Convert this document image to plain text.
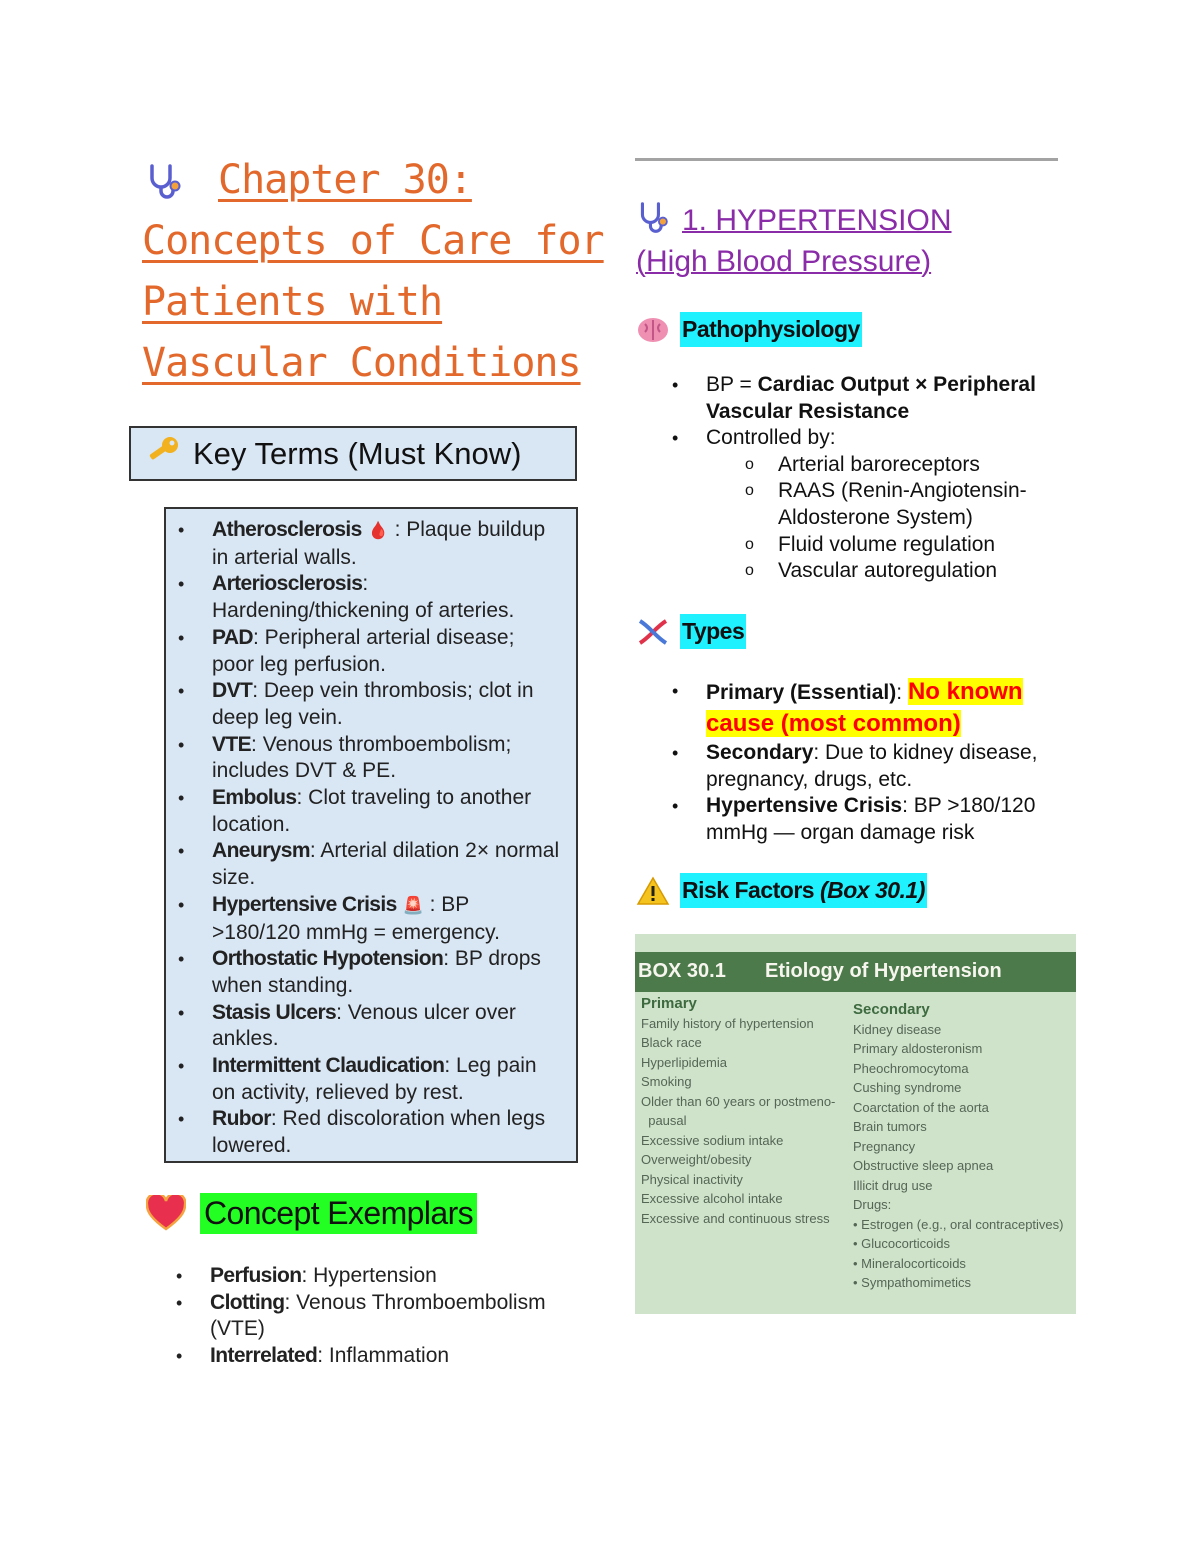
Chapter 30:
Concepts of Care for
Patients with
Vascular Conditions
Key Terms (Must Know)
• Atherosclerosis 🩸 : Plaque buildup in arterial walls.
• Arteriosclerosis: Hardening/thickening of arteries.
• PAD: Peripheral arterial disease; poor leg perfusion.
• DVT: Deep vein thrombosis; clot in deep leg vein.
• VTE: Venous thromboembolism; includes DVT & PE.
• Embolus: Clot traveling to another location.
• Aneurysm: Arterial dilation 2× normal size.
• Hypertensive Crisis 🚨 : BP >180/120 mmHg = emergency.
• Orthostatic Hypotension: BP drops when standing.
• Stasis Ulcers: Venous ulcer over ankles.
• Intermittent Claudication: Leg pain on activity, relieved by rest.
• Rubor: Red discoloration when legs lowered.
Concept Exemplars
• Perfusion: Hypertension
• Clotting: Venous Thromboembolism (VTE)
• Interrelated: Inflammation
1. HYPERTENSION
(High Blood Pressure)
Pathophysiology
• BP = Cardiac Output × Peripheral Vascular Resistance
• Controlled by:
o Arterial baroreceptors
o RAAS (Renin-Angiotensin-Aldosterone System)
o Fluid volume regulation
o Vascular autoregulation
Types
• Primary (Essential): No known cause (most common)
• Secondary: Due to kidney disease, pregnancy, drugs, etc.
• Hypertensive Crisis: BP >180/120 mmHg — organ damage risk
Risk Factors (Box 30.1)
BOX 30.1 Etiology of Hypertension
Primary
Family history of hypertension
Black race
Hyperlipidemia
Smoking
Older than 60 years or postmeno-
pausal
Excessive sodium intake
Overweight/obesity
Physical inactivity
Excessive alcohol intake
Excessive and continuous stress
Secondary
Kidney disease
Primary aldosteronism
Pheochromocytoma
Cushing syndrome
Coarctation of the aorta
Brain tumors
Pregnancy
Obstructive sleep apnea
Illicit drug use
Drugs:
• Estrogen (e.g., oral contraceptives)
• Glucocorticoids
• Mineralocorticoids
• Sympathomimetics
